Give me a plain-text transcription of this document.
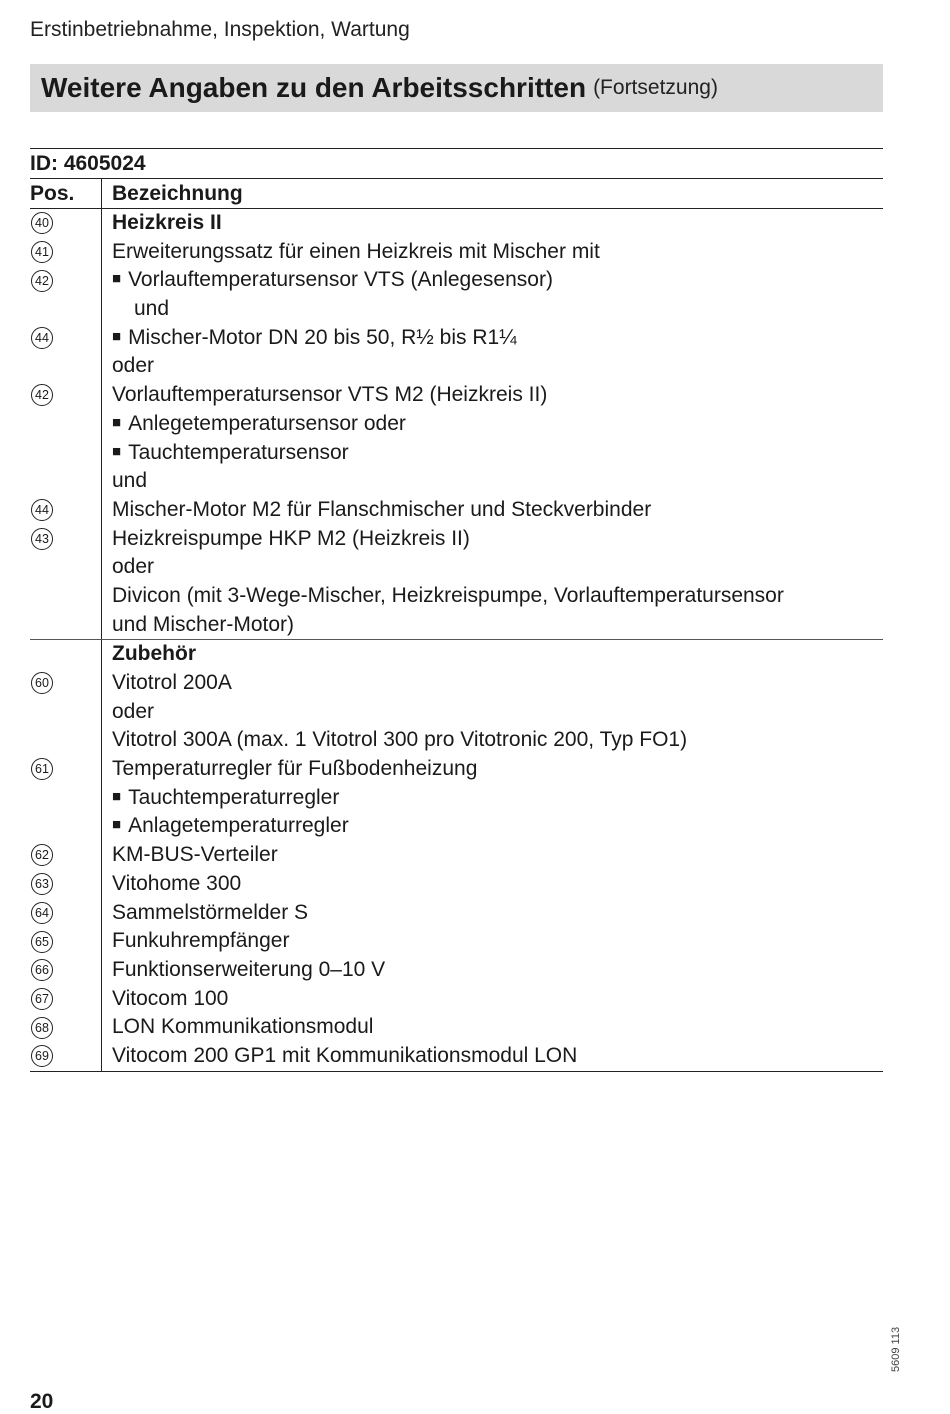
Erstinbetriebnahme, Inspektion, Wartung
Weitere Angaben zu den Arbeitsschritten (Fortsetzung)
ID: 4605024
Pos.	Bezeichnung
40
41
42
44
42
44
43
Heizkreis II
Erweiterungssatz für einen Heizkreis mit Mischer mit
■ Vorlauftemperatursensor VTS (Anlegesensor)
und
■ Mischer-Motor DN 20 bis 50, R½ bis R1¼
oder
Vorlauftemperatursensor VTS M2 (Heizkreis II)
■ Anlegetemperatursensor oder
■ Tauchtemperatursensor
und
Mischer-Motor M2 für Flanschmischer und Steckverbinder
Heizkreispumpe HKP M2 (Heizkreis II)
oder
Divicon (mit 3-Wege-Mischer, Heizkreispumpe, Vorlauftemperatursensor
und Mischer-Motor)
60
61
62
63
64
65
66
67
68
69
Zubehör
Vitotrol 200A
oder
Vitotrol 300A (max. 1 Vitotrol 300 pro Vitotronic 200, Typ FO1)
Temperaturregler für Fußbodenheizung
■ Tauchtemperaturregler
■ Anlagetemperaturregler
KM-BUS-Verteiler
Vitohome 300
Sammelstörmelder S
Funkuhrempfänger
Funktionserweiterung 0–10 V
Vitocom 100
LON Kommunikationsmodul
Vitocom 200 GP1 mit Kommunikationsmodul LON
20
5609 113
